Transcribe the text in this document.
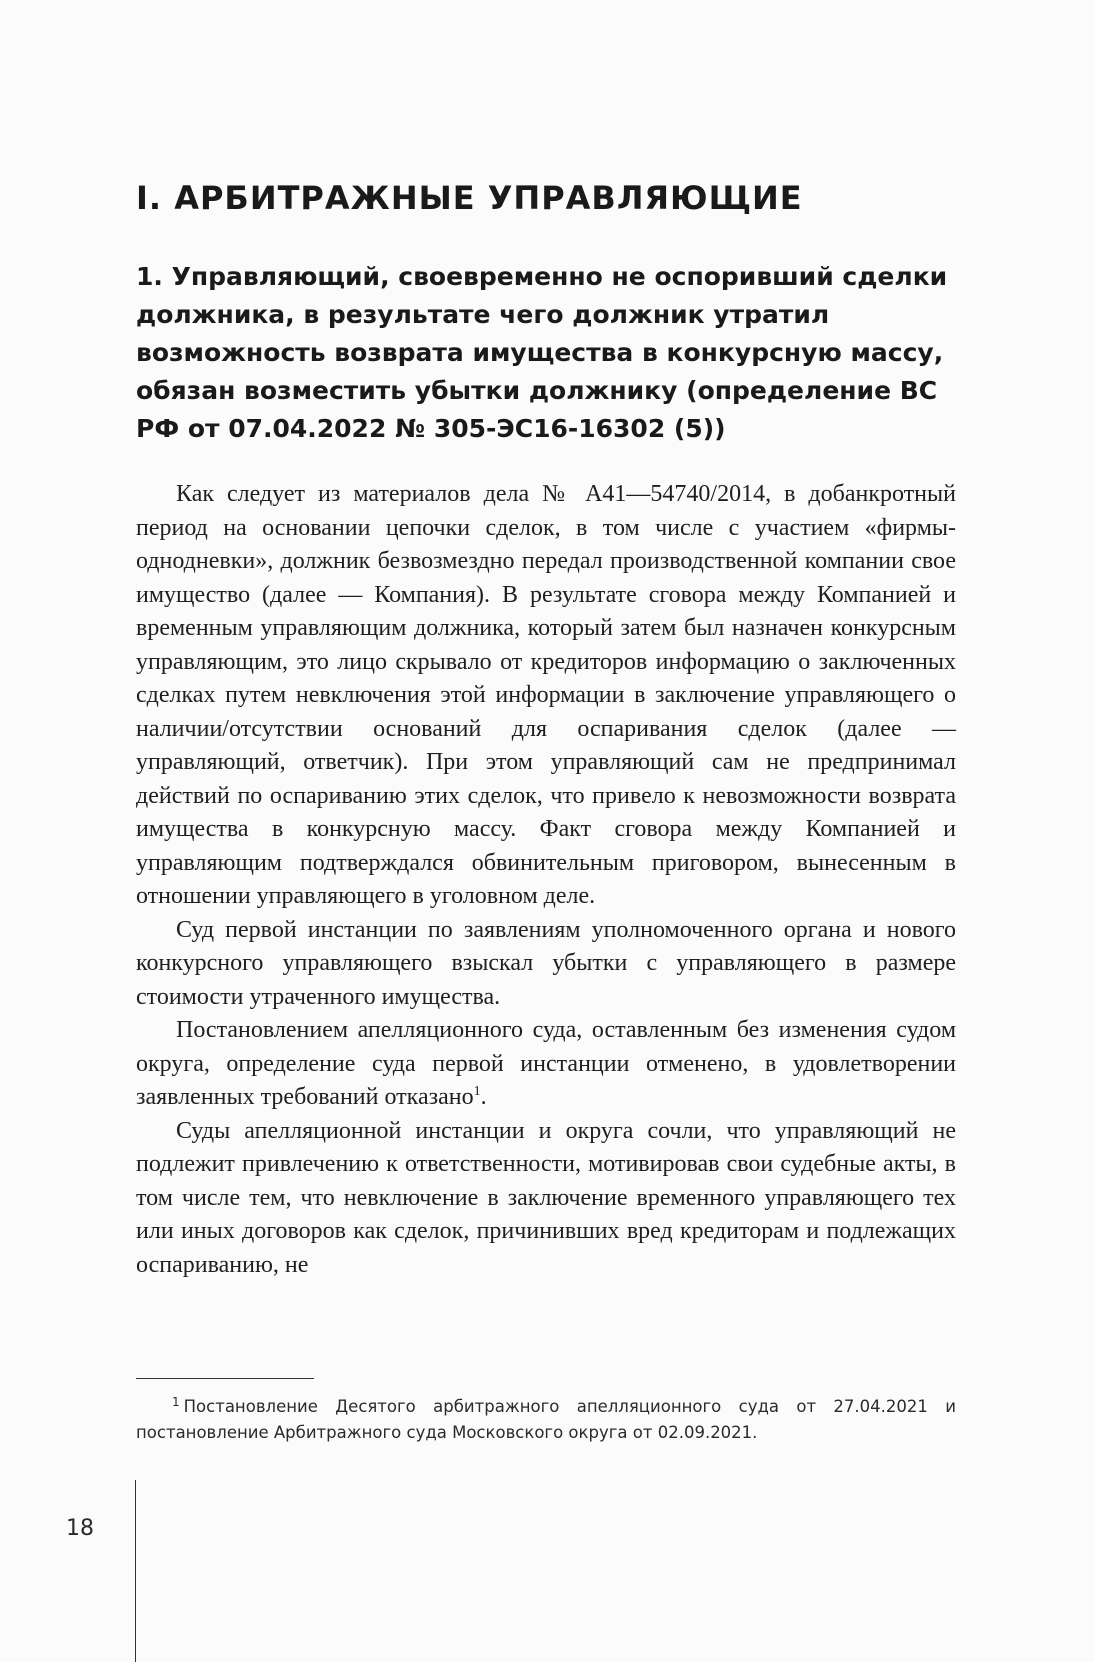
I. АРБИТРАЖНЫЕ УПРАВЛЯЮЩИЕ
1. Управляющий, своевременно не оспоривший сделки должника, в результате чего должник утратил возможность возврата имущества в конкурсную массу, обязан возместить убытки должнику (определение ВС РФ от 07.04.2022 № 305-ЭС16-16302 (5))

Как следует из материалов дела № А41—54740/2014, в добанкротный период на основании цепочки сделок, в том числе с участием «фирмы-однодневки», должник безвозмездно передал производственной компании свое имущество (далее — Компания). В результате сговора между Компанией и временным управляющим должника, который затем был назначен конкурсным управляющим, это лицо скрывало от кредиторов информацию о заключенных сделках путем невключения этой информации в заключение управляющего о наличии/отсутствии оснований для оспаривания сделок (далее — управляющий, ответчик). При этом управляющий сам не предпринимал действий по оспариванию этих сделок, что привело к невозможности возврата имущества в конкурсную массу. Факт сговора между Компанией и управляющим подтверждался обвинительным приговором, вынесенным в отношении управляющего в уголовном деле.

Суд первой инстанции по заявлениям уполномоченного органа и нового конкурсного управляющего взыскал убытки с управляющего в размере стоимости утраченного имущества.

Постановлением апелляционного суда, оставленным без изменения судом округа, определение суда первой инстанции отменено, в удовлетворении заявленных требований отказано$^1$.

Суды апелляционной инстанции и округа сочли, что управляющий не подлежит привлечению к ответственности, мотивировав свои судебные акты, в том числе тем, что невключение в заключение временного управляющего тех или иных договоров как сделок, причинивших вред кредиторам и подлежащих оспариванию, не

$^1$ Постановление Десятого арбитражного апелляционного суда от 27.04.2021 и постановление Арбитражного суда Московского округа от 02.09.2021.

18
